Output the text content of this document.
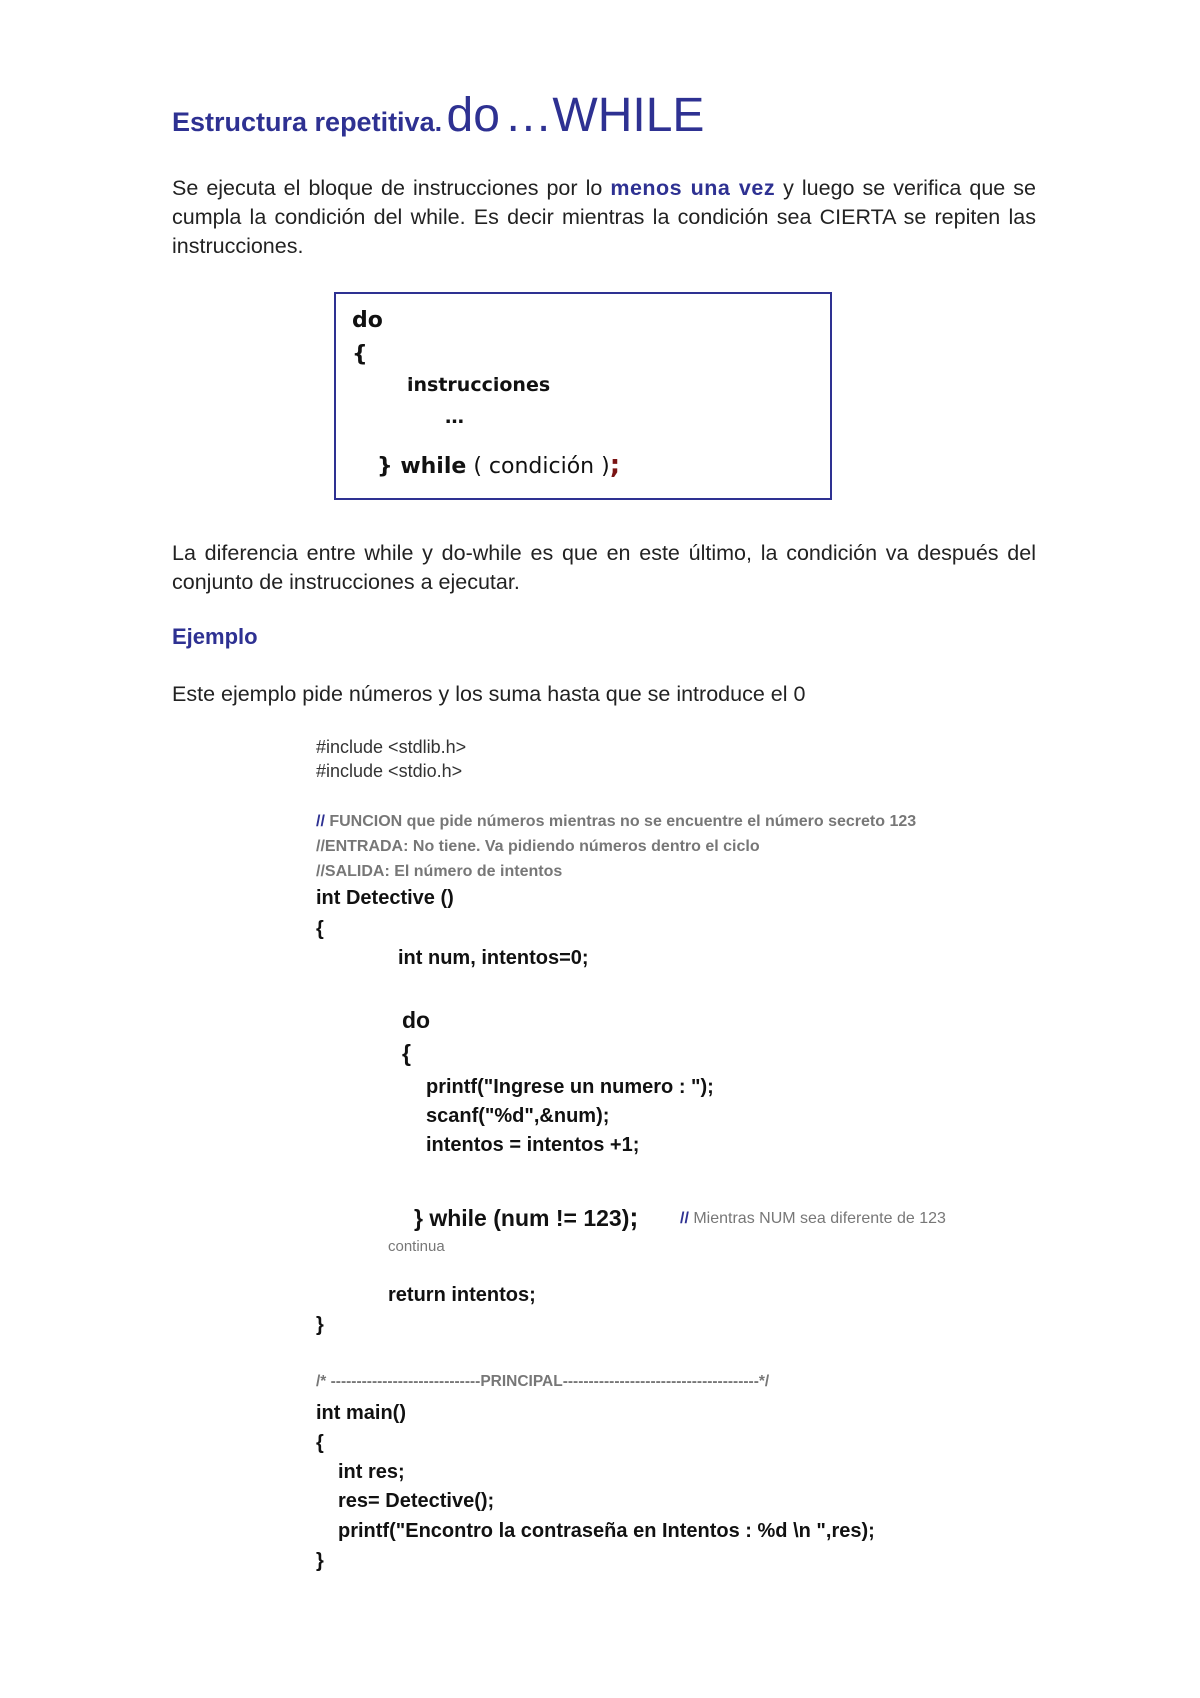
Estructura repetitiva. do …WHILE
Se ejecuta el bloque de instrucciones por lo menos una vez y luego se verifica que se cumpla la condición del while. Es decir mientras la condición sea CIERTA se repiten las instrucciones.
do
{
instrucciones
…
} while ( condición );
La diferencia entre while y do-while es que en este último, la condición va después del conjunto de instrucciones a ejecutar.
Ejemplo
Este ejemplo pide números y los suma hasta que se introduce el 0
#include <stdlib.h>
#include <stdio.h>
// FUNCION que pide números mientras no se encuentre el número secreto 123
//ENTRADA: No tiene. Va pidiendo números dentro el ciclo
//SALIDA: El número de intentos
int Detective ()
{
int num, intentos=0;
do
{
printf("Ingrese un numero : ");
scanf("%d",&num);
intentos = intentos +1;
} while (num != 123);	// Mientras NUM sea diferente de 123
continua
return intentos;
}
/* -----------------------------PRINCIPAL--------------------------------------*/
int main()
{
int res;
res= Detective();
printf("Encontro la contraseña en Intentos : %d \n ",res);
}
